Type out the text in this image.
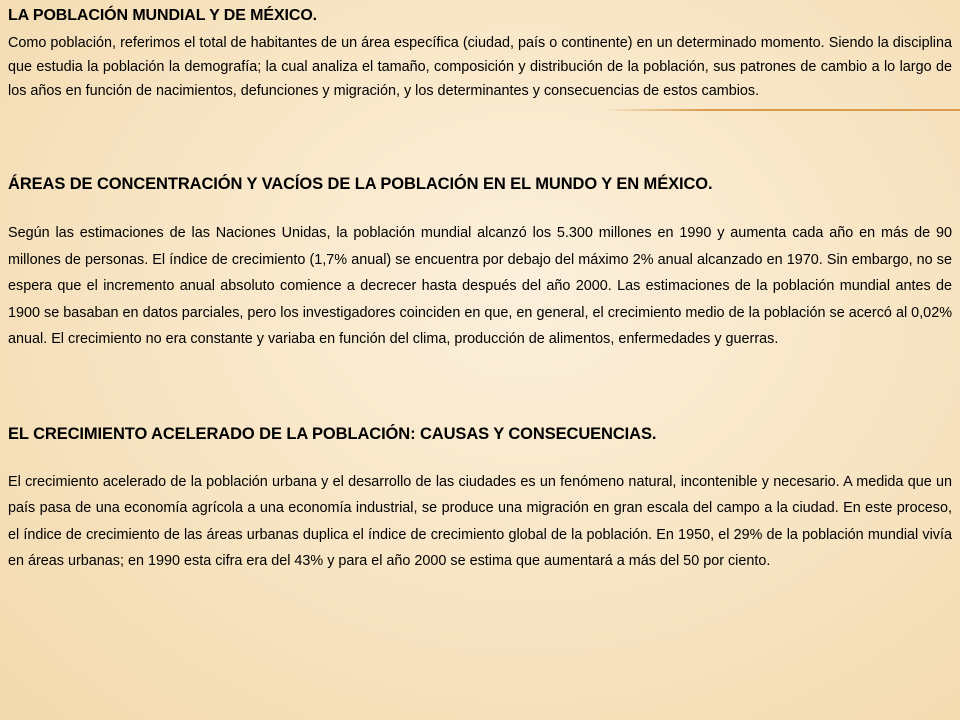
LA POBLACIÓN MUNDIAL Y DE MÉXICO.

Como población, referimos el total de habitantes de un área específica (ciudad, país o continente) en un determinado momento. Siendo la disciplina que estudia la población la demografía; la cual analiza el tamaño, composición y distribución de la población, sus patrones de cambio a lo largo de los años en función de nacimientos, defunciones y migración, y los determinantes y consecuencias de estos cambios.

ÁREAS DE CONCENTRACIÓN Y VACÍOS DE LA POBLACIÓN EN EL MUNDO Y EN MÉXICO.

Según las estimaciones de las Naciones Unidas, la población mundial alcanzó los 5.300 millones en 1990 y aumenta cada año en más de 90 millones de personas. El índice de crecimiento (1,7% anual) se encuentra por debajo del máximo 2% anual alcanzado en 1970. Sin embargo, no se espera que el incremento anual absoluto comience a decrecer hasta después del año 2000. Las estimaciones de la población mundial antes de 1900 se basaban en datos parciales, pero los investigadores coinciden en que, en general, el crecimiento medio de la población se acercó al 0,02% anual. El crecimiento no era constante y variaba en función del clima, producción de alimentos, enfermedades y guerras.

EL CRECIMIENTO ACELERADO DE LA POBLACIÓN: CAUSAS Y CONSECUENCIAS.

El crecimiento acelerado de la población urbana y el desarrollo de las ciudades es un fenómeno natural, incontenible y necesario. A medida que un país pasa de una economía agrícola a una economía industrial, se produce una migración en gran escala del campo a la ciudad. En este proceso, el índice de crecimiento de las áreas urbanas duplica el índice de crecimiento global de la población. En 1950, el 29% de la población mundial vivía en áreas urbanas; en 1990 esta cifra era del 43% y para el año 2000 se estima que aumentará a más del 50 por ciento.
